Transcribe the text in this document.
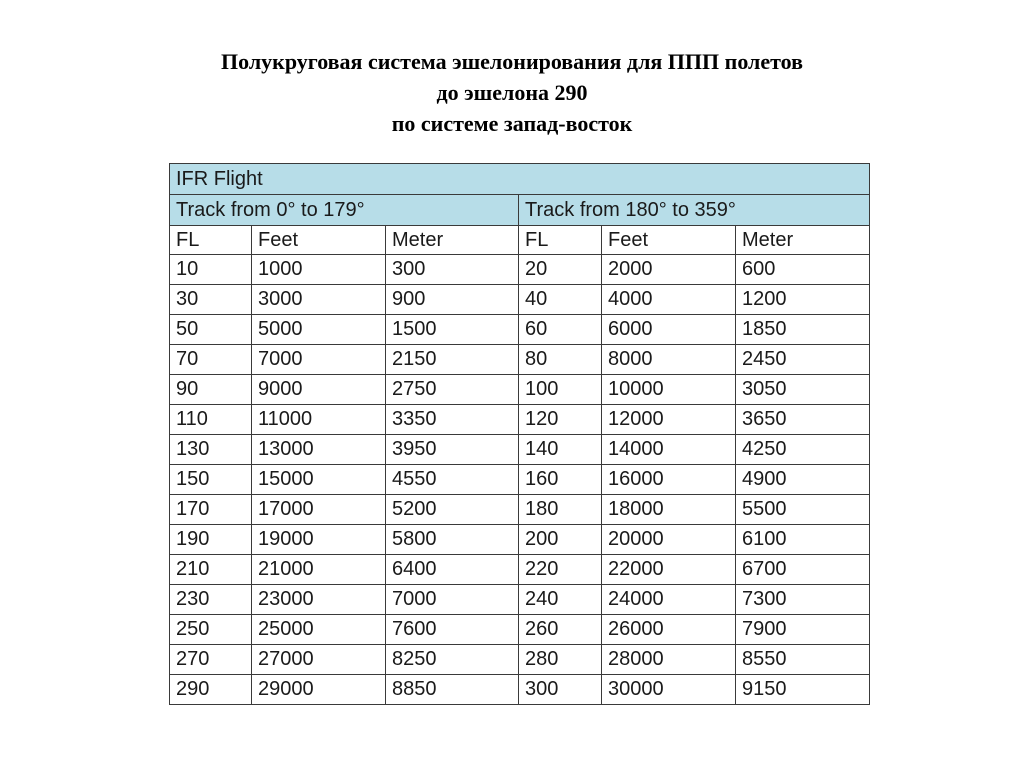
Полукруговая система эшелонирования для ППП полетов
до эшелона 290
по системе запад-восток
IFR Flight					
Track from 0° to 179°			Track from 180° to 359°		
FL	Feet	Meter	FL	Feet	Meter
10	1000	300	20	2000	600
30	3000	900	40	4000	1200
50	5000	1500	60	6000	1850
70	7000	2150	80	8000	2450
90	9000	2750	100	10000	3050
110	11000	3350	120	12000	3650
130	13000	3950	140	14000	4250
150	15000	4550	160	16000	4900
170	17000	5200	180	18000	5500
190	19000	5800	200	20000	6100
210	21000	6400	220	22000	6700
230	23000	7000	240	24000	7300
250	25000	7600	260	26000	7900
270	27000	8250	280	28000	8550
290	29000	8850	300	30000	9150
